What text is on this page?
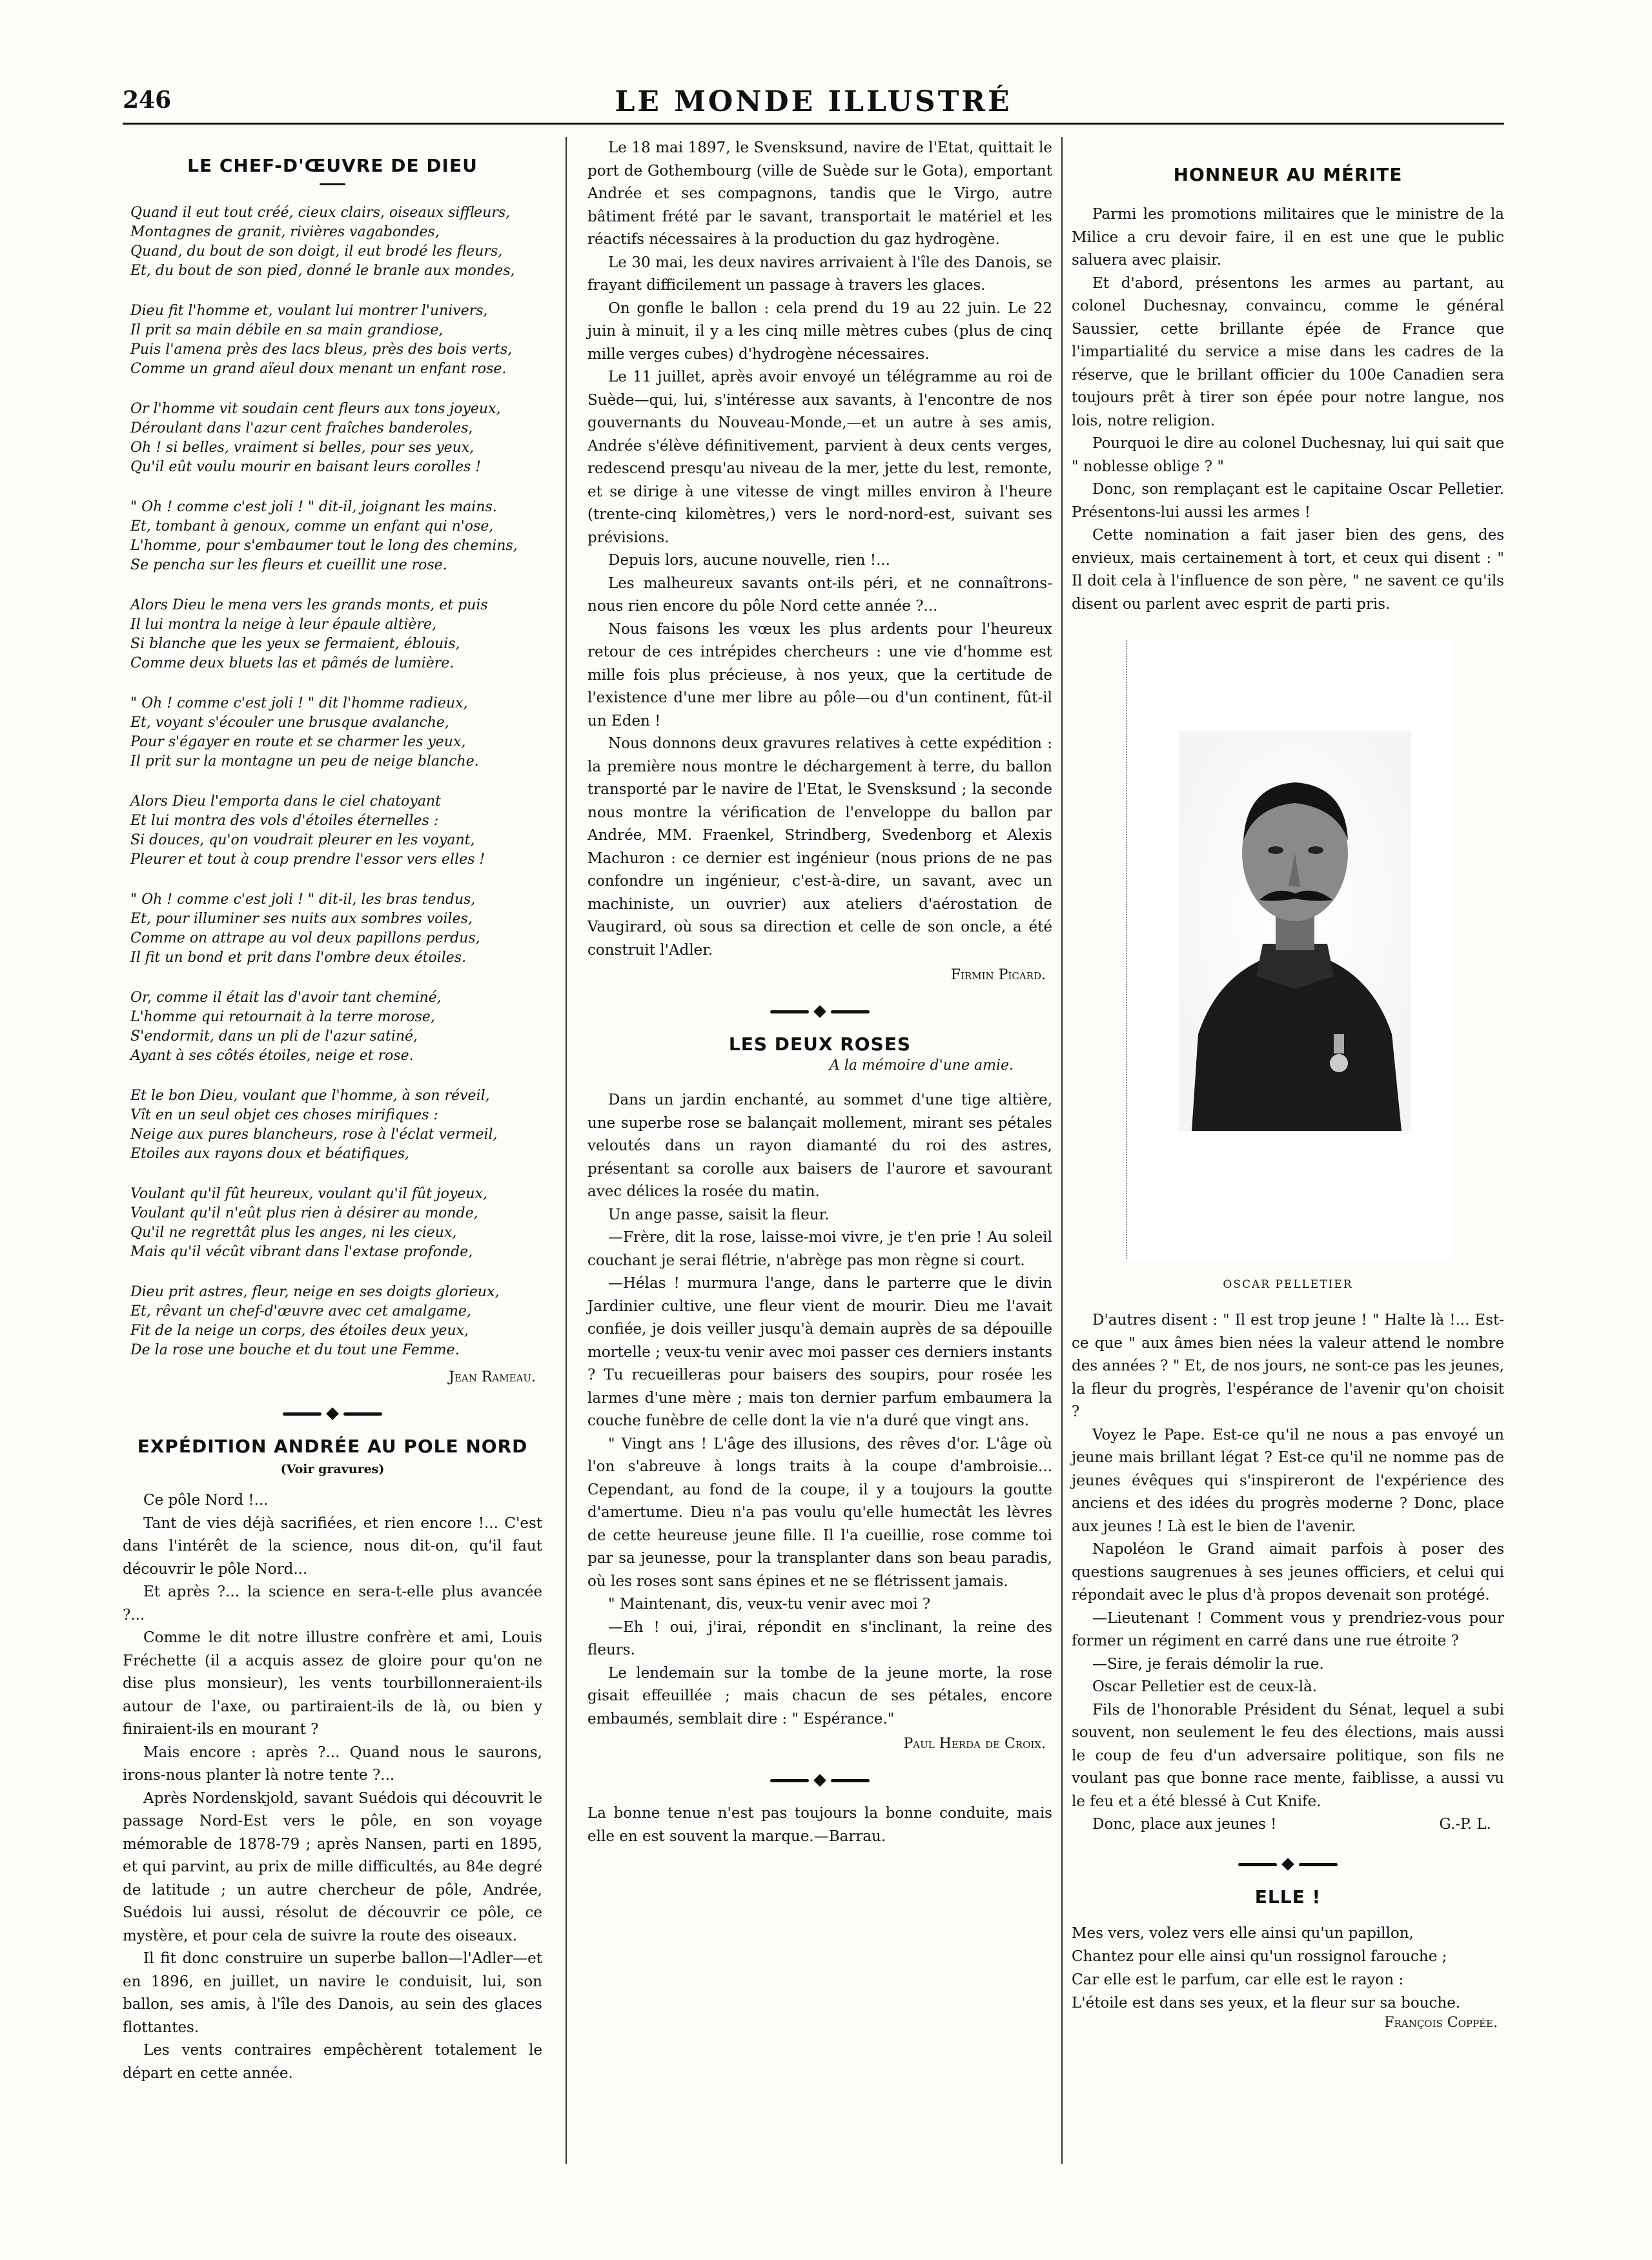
246	LE MONDE ILLUSTRÉ
LE CHEF-D'ŒUVRE DE DIEU
Quand il eut tout créé, cieux clairs, oiseaux siffleurs,
Montagnes de granit, rivières vagabondes,
Quand, du bout de son doigt, il eut brodé les fleurs,
Et, du bout de son pied, donné le branle aux mondes,
Dieu fit l'homme et, voulant lui montrer l'univers,
Il prit sa main débile en sa main grandiose,
Puis l'amena près des lacs bleus, près des bois verts,
Comme un grand aïeul doux menant un enfant rose.
Or l'homme vit soudain cent fleurs aux tons joyeux,
Déroulant dans l'azur cent fraîches banderoles,
Oh ! si belles, vraiment si belles, pour ses yeux,
Qu'il eût voulu mourir en baisant leurs corolles !
" Oh ! comme c'est joli ! " dit-il, joignant les mains.
Et, tombant à genoux, comme un enfant qui n'ose,
L'homme, pour s'embaumer tout le long des chemins,
Se pencha sur les fleurs et cueillit une rose.
Alors Dieu le mena vers les grands monts, et puis
Il lui montra la neige à leur épaule altière,
Si blanche que les yeux se fermaient, éblouis,
Comme deux bluets las et pâmés de lumière.
" Oh ! comme c'est joli ! " dit l'homme radieux,
Et, voyant s'écouler une brusque avalanche,
Pour s'égayer en route et se charmer les yeux,
Il prit sur la montagne un peu de neige blanche.
Alors Dieu l'emporta dans le ciel chatoyant
Et lui montra des vols d'étoiles éternelles :
Si douces, qu'on voudrait pleurer en les voyant,
Pleurer et tout à coup prendre l'essor vers elles !
" Oh ! comme c'est joli ! " dit-il, les bras tendus,
Et, pour illuminer ses nuits aux sombres voiles,
Comme on attrape au vol deux papillons perdus,
Il fit un bond et prit dans l'ombre deux étoiles.
Or, comme il était las d'avoir tant cheminé,
L'homme qui retournait à la terre morose,
S'endormit, dans un pli de l'azur satiné,
Ayant à ses côtés étoiles, neige et rose.
Et le bon Dieu, voulant que l'homme, à son réveil,
Vît en un seul objet ces choses mirifiques :
Neige aux pures blancheurs, rose à l'éclat vermeil,
Etoiles aux rayons doux et béatifiques,
Voulant qu'il fût heureux, voulant qu'il fût joyeux,
Voulant qu'il n'eût plus rien à désirer au monde,
Qu'il ne regrettât plus les anges, ni les cieux,
Mais qu'il vécût vibrant dans l'extase profonde,
Dieu prit astres, fleur, neige en ses doigts glorieux,
Et, rêvant un chef-d'œuvre avec cet amalgame,
Fit de la neige un corps, des étoiles deux yeux,
De la rose une bouche et du tout une Femme.
Jean Rameau.
EXPÉDITION ANDRÉE AU POLE NORD
(Voir gravures)

Ce pôle Nord !...

Tant de vies déjà sacrifiées, et rien encore !... C'est dans l'intérêt de la science, nous dit-on, qu'il faut découvrir le pôle Nord...

Et après ?... la science en sera-t-elle plus avancée ?...

Comme le dit notre illustre confrère et ami, Louis Fréchette (il a acquis assez de gloire pour qu'on ne dise plus monsieur), les vents tourbillonneraient-ils autour de l'axe, ou partiraient-ils de là, ou bien y finiraient-ils en mourant ?

Mais encore : après ?... Quand nous le saurons, irons-nous planter là notre tente ?...

Après Nordenskjold, savant Suédois qui découvrit le passage Nord-Est vers le pôle, en son voyage mémorable de 1878-79 ; après Nansen, parti en 1895, et qui parvint, au prix de mille difficultés, au 84e degré de latitude ; un autre chercheur de pôle, Andrée, Suédois lui aussi, résolut de découvrir ce pôle, ce mystère, et pour cela de suivre la route des oiseaux.

Il fit donc construire un superbe ballon—l'Adler—et en 1896, en juillet, un navire le conduisit, lui, son ballon, ses amis, à l'île des Danois, au sein des glaces flottantes.

Les vents contraires empêchèrent totalement le départ en cette année.

Le 18 mai 1897, le Svensksund, navire de l'Etat, quittait le port de Gothembourg (ville de Suède sur le Gota), emportant Andrée et ses compagnons, tandis que le Virgo, autre bâtiment frété par le savant, transportait le matériel et les réactifs nécessaires à la production du gaz hydrogène.

Le 30 mai, les deux navires arrivaient à l'île des Danois, se frayant difficilement un passage à travers les glaces.

On gonfle le ballon : cela prend du 19 au 22 juin. Le 22 juin à minuit, il y a les cinq mille mètres cubes (plus de cinq mille verges cubes) d'hydrogène nécessaires.

Le 11 juillet, après avoir envoyé un télégramme au roi de Suède—qui, lui, s'intéresse aux savants, à l'encontre de nos gouvernants du Nouveau-Monde,—et un autre à ses amis, Andrée s'élève définitivement, parvient à deux cents verges, redescend presqu'au niveau de la mer, jette du lest, remonte, et se dirige à une vitesse de vingt milles environ à l'heure (trente-cinq kilomètres,) vers le nord-nord-est, suivant ses prévisions.

Depuis lors, aucune nouvelle, rien !...

Les malheureux savants ont-ils péri, et ne connaîtrons-nous rien encore du pôle Nord cette année ?...

Nous faisons les vœux les plus ardents pour l'heureux retour de ces intrépides chercheurs : une vie d'homme est mille fois plus précieuse, à nos yeux, que la certitude de l'existence d'une mer libre au pôle—ou d'un continent, fût-il un Eden !

Nous donnons deux gravures relatives à cette expédition : la première nous montre le déchargement à terre, du ballon transporté par le navire de l'Etat, le Svensksund ; la seconde nous montre la vérification de l'enveloppe du ballon par Andrée, MM. Fraenkel, Strindberg, Svedenborg et Alexis Machuron : ce dernier est ingénieur (nous prions de ne pas confondre un ingénieur, c'est-à-dire, un savant, avec un machiniste, un ouvrier) aux ateliers d'aérostation de Vaugirard, où sous sa direction et celle de son oncle, a été construit l'Adler.

Firmin Picard.
LES DEUX ROSES
A la mémoire d'une amie.

Dans un jardin enchanté, au sommet d'une tige altière, une superbe rose se balançait mollement, mirant ses pétales veloutés dans un rayon diamanté du roi des astres, présentant sa corolle aux baisers de l'aurore et savourant avec délices la rosée du matin.

Un ange passe, saisit la fleur.

—Frère, dit la rose, laisse-moi vivre, je t'en prie ! Au soleil couchant je serai flétrie, n'abrège pas mon règne si court.

—Hélas ! murmura l'ange, dans le parterre que le divin Jardinier cultive, une fleur vient de mourir. Dieu me l'avait confiée, je dois veiller jusqu'à demain auprès de sa dépouille mortelle ; veux-tu venir avec moi passer ces derniers instants ? Tu recueilleras pour baisers des soupirs, pour rosée les larmes d'une mère ; mais ton dernier parfum embaumera la couche funèbre de celle dont la vie n'a duré que vingt ans.

" Vingt ans ! L'âge des illusions, des rêves d'or. L'âge où l'on s'abreuve à longs traits à la coupe d'ambroisie... Cependant, au fond de la coupe, il y a toujours la goutte d'amertume. Dieu n'a pas voulu qu'elle humectât les lèvres de cette heureuse jeune fille. Il l'a cueillie, rose comme toi par sa jeunesse, pour la transplanter dans son beau paradis, où les roses sont sans épines et ne se flétrissent jamais.

" Maintenant, dis, veux-tu venir avec moi ?

—Eh ! oui, j'irai, répondit en s'inclinant, la reine des fleurs.

Le lendemain sur la tombe de la jeune morte, la rose gisait effeuillée ; mais chacun de ses pétales, encore embaumés, semblait dire : " Espérance."

Paul Herda de Croix.

La bonne tenue n'est pas toujours la bonne conduite, mais elle en est souvent la marque.—Barrau.

HONNEUR AU MÉRITE

Parmi les promotions militaires que le ministre de la Milice a cru devoir faire, il en est une que le public saluera avec plaisir.

Et d'abord, présentons les armes au partant, au colonel Duchesnay, convaincu, comme le général Saussier, cette brillante épée de France que l'impartialité du service a mise dans les cadres de la réserve, que le brillant officier du 100e Canadien sera toujours prêt à tirer son épée pour notre langue, nos lois, notre religion.

Pourquoi le dire au colonel Duchesnay, lui qui sait que " noblesse oblige ? "

Donc, son remplaçant est le capitaine Oscar Pelletier. Présentons-lui aussi les armes !

Cette nomination a fait jaser bien des gens, des envieux, mais certainement à tort, et ceux qui disent : " Il doit cela à l'influence de son père, " ne savent ce qu'ils disent ou parlent avec esprit de parti pris.

OSCAR PELLETIER

D'autres disent : " Il est trop jeune ! " Halte là !... Est-ce que " aux âmes bien nées la valeur attend le nombre des années ? " Et, de nos jours, ne sont-ce pas les jeunes, la fleur du progrès, l'espérance de l'avenir qu'on choisit ?

Voyez le Pape. Est-ce qu'il ne nous a pas envoyé un jeune mais brillant légat ? Est-ce qu'il ne nomme pas de jeunes évêques qui s'inspireront de l'expérience des anciens et des idées du progrès moderne ? Donc, place aux jeunes ! Là est le bien de l'avenir.

Napoléon le Grand aimait parfois à poser des questions saugrenues à ses jeunes officiers, et celui qui répondait avec le plus d'à propos devenait son protégé.

—Lieutenant ! Comment vous y prendriez-vous pour former un régiment en carré dans une rue étroite ?

—Sire, je ferais démolir la rue.

Oscar Pelletier est de ceux-là.

Fils de l'honorable Président du Sénat, lequel a subi souvent, non seulement le feu des élections, mais aussi le coup de feu d'un adversaire politique, son fils ne voulant pas que bonne race mente, faiblisse, a aussi vu le feu et a été blessé à Cut Knife.

Donc, place aux jeunes !	G.-P. L.
ELLE !
Mes vers, volez vers elle ainsi qu'un papillon,
Chantez pour elle ainsi qu'un rossignol farouche ;
Car elle est le parfum, car elle est le rayon :
L'étoile est dans ses yeux, et la fleur sur sa bouche.
François Coppée.
